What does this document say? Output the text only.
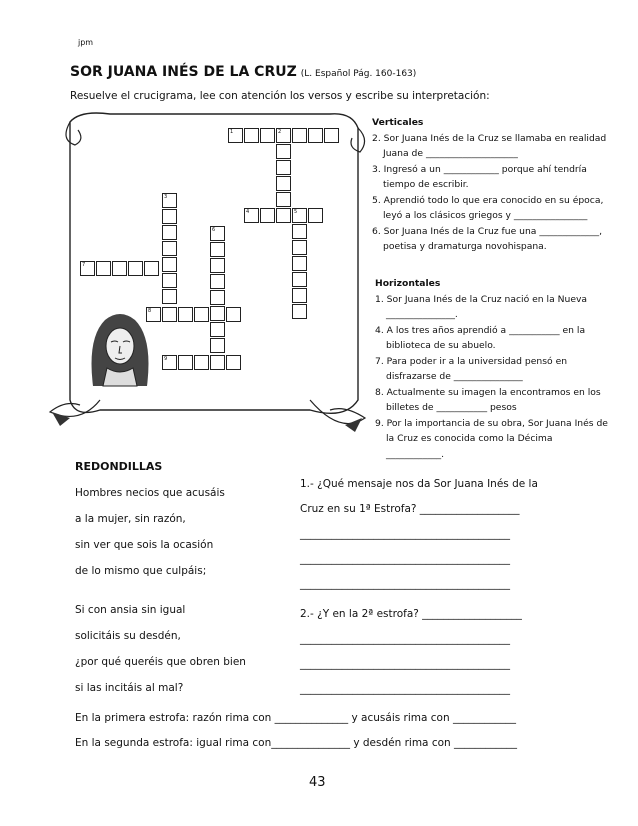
jpm
SOR JUANA INÉS DE LA CRUZ (L. Español Pág. 160-163)
Resuelve el crucigrama, lee con atención los versos y escribe su interpretación:
1	2
3
4	5
6
7
8
9
Verticales
2. Sor Juana Inés de la Cruz se llamaba en realidad Juana de ____________________
3. Ingresó a un ____________ porque ahí tendría tiempo de escribir.
5. Aprendió todo lo que era conocido en su época, leyó a los clásicos griegos y ________________
6. Sor Juana Inés de la Cruz fue una _____________, poetisa y dramaturga novohispana.
Horizontales
1. Sor Juana Inés de la Cruz nació en la Nueva _______________.
4. A los tres años aprendió a ___________ en la biblioteca de su abuelo.
7. Para poder ir a la universidad pensó en disfrazarse de _______________
8. Actualmente su imagen la encontramos en los billetes de ___________ pesos
9. Por la importancia de su obra, Sor Juana Inés de la Cruz es conocida como la Décima ____________.
REDONDILLAS
Hombres necios que acusáis
a la mujer, sin razón,
sin ver que sois la ocasión
de lo mismo que culpáis;
Si con ansia sin igual
solicitáis su desdén,
¿por qué queréis que obren bien
si las incitáis al mal?
1.- ¿Qué mensaje nos da Sor Juana Inés de la
Cruz en su 1ª Estrofa? ___________________
________________________________________
________________________________________
________________________________________
2.- ¿Y en la 2ª estrofa? ___________________
________________________________________
________________________________________
________________________________________
En la primera estrofa: razón rima con ______________ y acusáis rima con ____________
En la segunda estrofa: igual rima con_______________ y desdén rima con ____________
43
